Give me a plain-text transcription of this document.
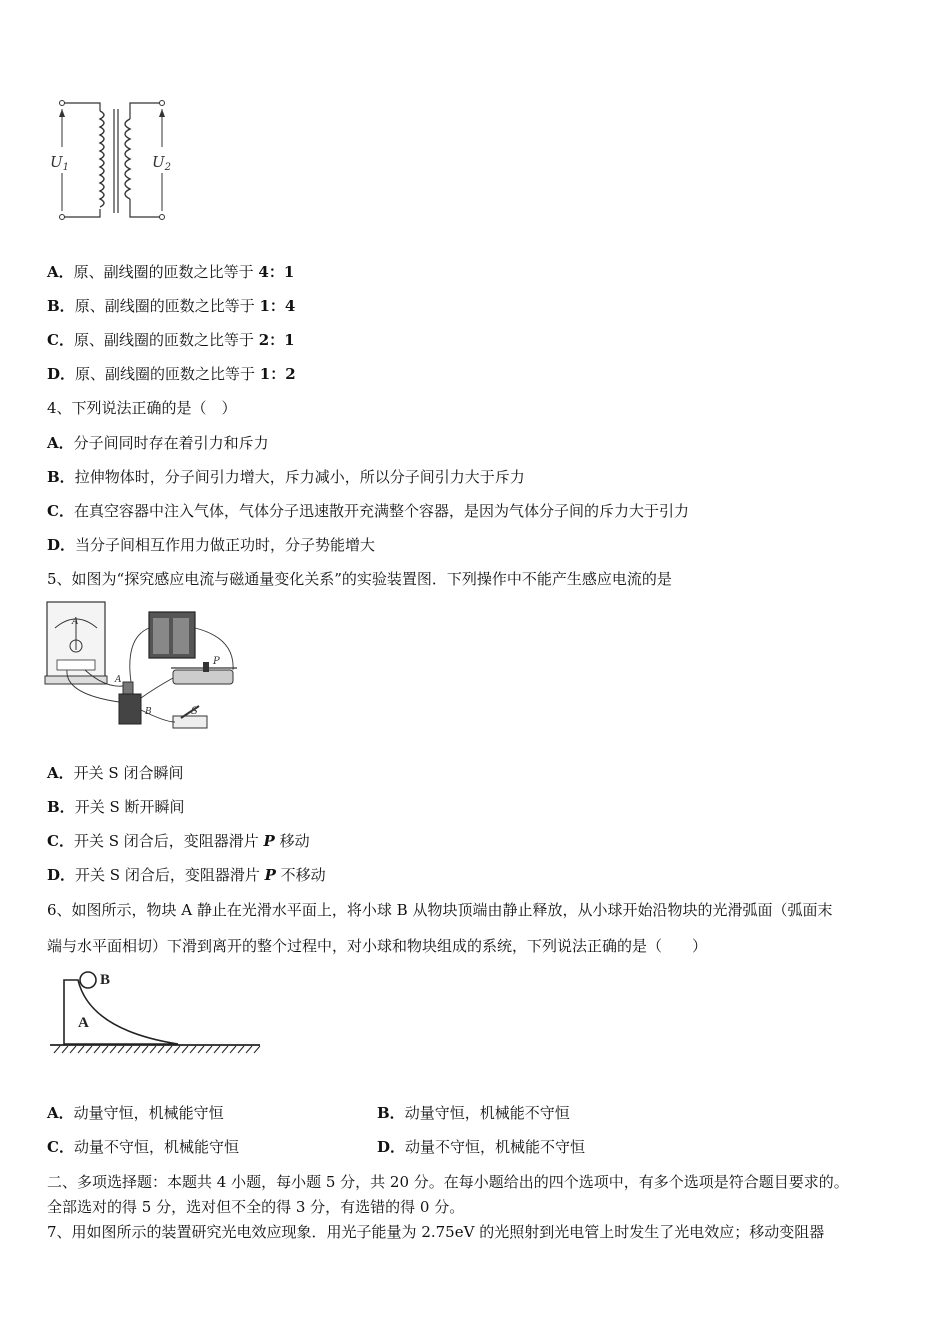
$U_1$	$U_2$
A．原、副线圈的匝数之比等于 4：1
B．原、副线圈的匝数之比等于 1：4
C．原、副线圈的匝数之比等于 2：1
D．原、副线圈的匝数之比等于 1：2
4、下列说法正确的是（　）
A．分子间同时存在着引力和斥力
B．拉伸物体时，分子间引力增大，斥力减小，所以分子间引力大于斥力
C．在真空容器中注入气体，气体分子迅速散开充满整个容器，是因为气体分子间的斥力大于引力
D．当分子间相互作用力做正功时，分子势能增大
5、如图为“探究感应电流与磁通量变化关系”的实验装置图．下列操作中不能产生感应电流的是
A
P
A
B	S
A．开关 S 闭合瞬间
B．开关 S 断开瞬间
C．开关 S 闭合后，变阻器滑片 P 移动
D．开关 S 闭合后，变阻器滑片 P 不移动
6、如图所示，物块 A 静止在光滑水平面上，将小球 B 从物块顶端由静止释放，从小球开始沿物块的光滑弧面（弧面末
端与水平面相切）下滑到离开的整个过程中，对小球和物块组成的系统，下列说法正确的是（　　）
B
A
A．动量守恒，机械能守恒	B．动量守恒，机械能不守恒
C．动量不守恒，机械能守恒	D．动量不守恒，机械能不守恒
二、多项选择题：本题共 4 小题，每小题 5 分，共 20 分。在每小题给出的四个选项中，有多个选项是符合题目要求的。
全部选对的得 5 分，选对但不全的得 3 分，有选错的得 0 分。
7、用如图所示的装置研究光电效应现象．用光子能量为 2.75eV 的光照射到光电管上时发生了光电效应；移动变阻器
